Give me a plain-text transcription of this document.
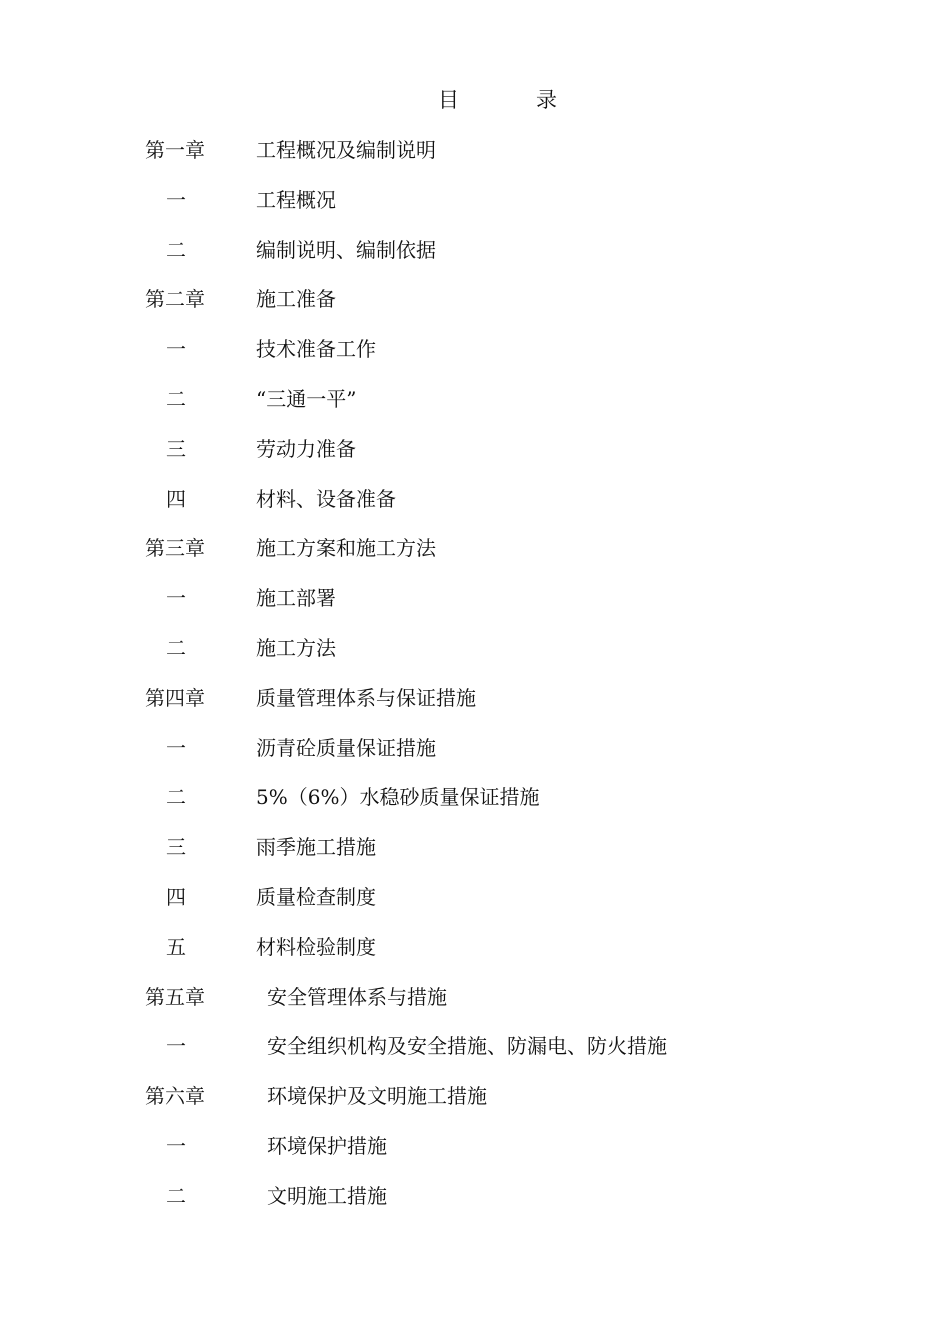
目	录
第一章	工程概况及编制说明
一	工程概况
二	编制说明、编制依据
第二章	施工准备
一	技术准备工作
二	“三通一平”
三	劳动力准备
四	材料、设备准备
第三章	施工方案和施工方法
一	施工部署
二	施工方法
第四章	质量管理体系与保证措施
一	沥青砼质量保证措施
二	5%（6%）水稳砂质量保证措施
三	雨季施工措施
四	质量检查制度
五	材料检验制度
第五章	安全管理体系与措施
一	安全组织机构及安全措施、防漏电、防火措施
第六章	环境保护及文明施工措施
一	环境保护措施
二	文明施工措施
